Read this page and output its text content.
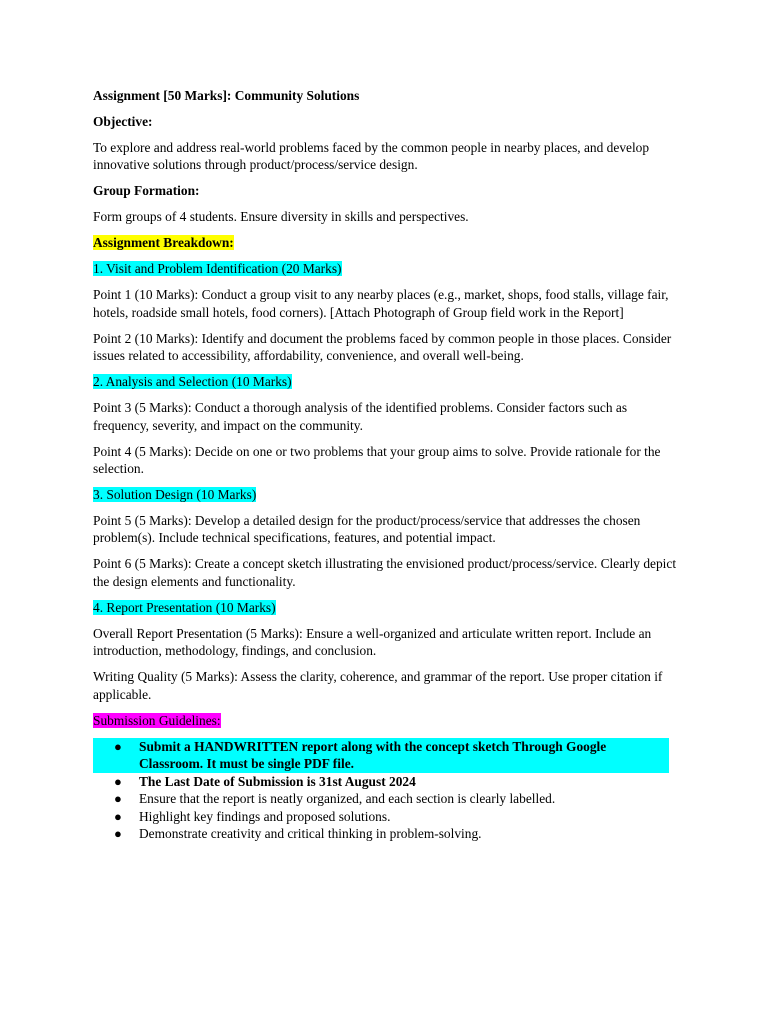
Assignment [50 Marks]: Community Solutions

Objective:

To explore and address real-world problems faced by the common people in nearby places, and develop innovative solutions through product/process/service design.

Group Formation:

Form groups of 4 students. Ensure diversity in skills and perspectives.

Assignment Breakdown:

1. Visit and Problem Identification (20 Marks)

Point 1 (10 Marks): Conduct a group visit to any nearby places (e.g., market, shops, food stalls, village fair, hotels, roadside small hotels, food corners). [Attach Photograph of Group field work in the Report]

Point 2 (10 Marks): Identify and document the problems faced by common people in those places. Consider issues related to accessibility, affordability, convenience, and overall well-being.

2. Analysis and Selection (10 Marks)

Point 3 (5 Marks): Conduct a thorough analysis of the identified problems. Consider factors such as frequency, severity, and impact on the community.

Point 4 (5 Marks): Decide on one or two problems that your group aims to solve. Provide rationale for the selection.

3. Solution Design (10 Marks)

Point 5 (5 Marks): Develop a detailed design for the product/process/service that addresses the chosen problem(s). Include technical specifications, features, and potential impact.

Point 6 (5 Marks): Create a concept sketch illustrating the envisioned product/process/service. Clearly depict the design elements and functionality.

4. Report Presentation (10 Marks)

Overall Report Presentation (5 Marks): Ensure a well-organized and articulate written report. Include an introduction, methodology, findings, and conclusion.

Writing Quality (5 Marks): Assess the clarity, coherence, and grammar of the report. Use proper citation if applicable.

Submission Guidelines:

● Submit a HANDWRITTEN report along with the concept sketch Through Google Classroom. It must be single PDF file.
● The Last Date of Submission is 31st August 2024
● Ensure that the report is neatly organized, and each section is clearly labelled.
● Highlight key findings and proposed solutions.
● Demonstrate creativity and critical thinking in problem-solving.
